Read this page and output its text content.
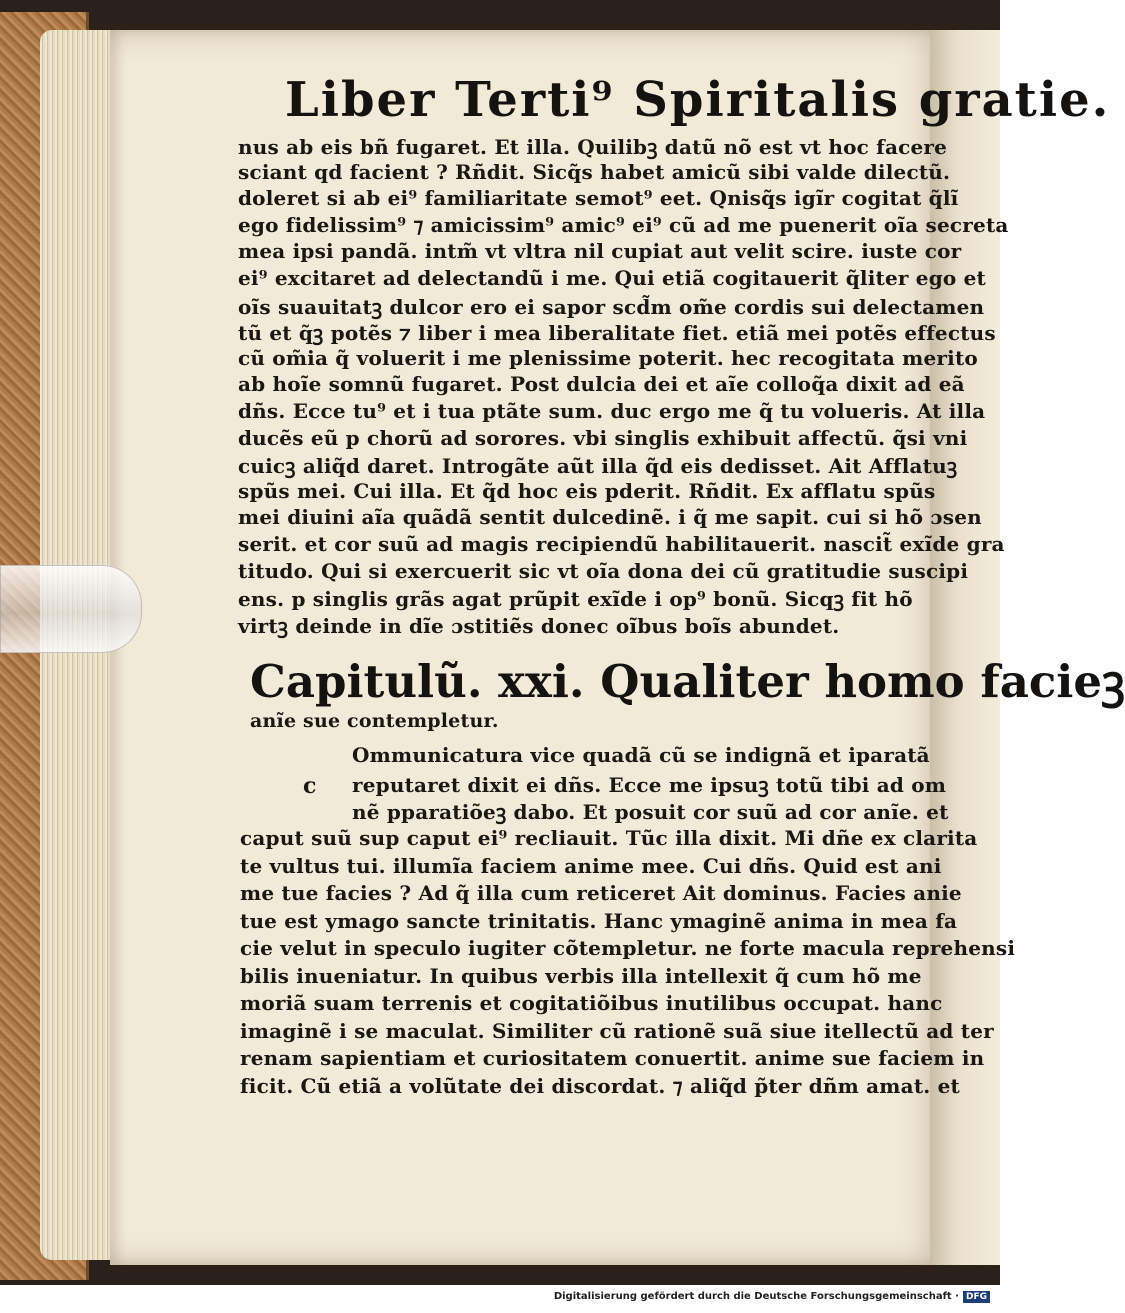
Liber Terti⁹ Spiritalis gratie.
nus ab eis bñ fugaret. Et illa. Quilibꝫ datũ nõ est vt hoc facere
sciant qd facient ? Rñdit. Sicq̃s habet amicũ sibi valde dilectũ.
doleret si ab ei⁹ familiaritate semot⁹ eet. Qnisq̃s igĩr cogitat q̃lĩ
ego fidelissim⁹ ⁊ amicissim⁹ amic⁹ ei⁹ cũ ad me puenerit oĩa secreta
mea ipsi pandã. intm̃ vt vltra nil cupiat aut velit scire. iuste cor
ei⁹ excitaret ad delectandũ i me. Qui etiã cogitauerit q̃liter ego et
oĩs suauitatꝫ dulcor ero ei sapor scd̃m om̃e cordis sui delectamen
tũ et q̃ꝫ potẽs ⁊ liber i mea liberalitate fiet. etiã mei potẽs effectus
cũ om̃ia q̃ voluerit i me plenissime poterit. hec recogitata merito
ab hoĩe somnũ fugaret. Post dulcia dei et aĩe colloq̃a dixit ad eã
dñs. Ecce tu⁹ et i tua ptãte sum. duc ergo me q̃ tu volueris. At illa
ducẽs eũ p chorũ ad sorores. vbi singlis exhibuit affectũ. q̃si vni
cuicꝫ aliq̃d daret. Introgãte aũt illa q̃d eis dedisset. Ait Afflatuꝫ
spũs mei. Cui illa. Et q̃d hoc eis pderit. Rñdit. Ex afflatu spũs
mei diuini aĩa quãdã sentit dulcedinẽ. i q̃ me sapit. cui si hõ ɔsen
serit. et cor suũ ad magis recipiendũ habilitauerit. nascit̃ exĩde gra
titudo. Qui si exercuerit sic vt oĩa dona dei cũ gratitudie suscipi
ens. p singlis grãs agat prũpit exĩde i op⁹ bonũ. Sicqꝫ fit hõ
virtꝫ deinde in dĩe ɔstitiẽs donec oĩbus boĩs abundet.
Capitulũ. xxi. Qualiter homo facieꝫ
anĩe sue contempletur.
c
Ommunicatura vice quadã cũ se indignã et iparatã
reputaret dixit ei dñs. Ecce me ipsuꝫ totũ tibi ad om
nẽ pparatiõeꝫ dabo. Et posuit cor suũ ad cor anĩe. et
caput suũ sup caput ei⁹ recliauit. Tũc illa dixit. Mi dñe ex clarita
te vultus tui. illumĩa faciem anime mee. Cui dñs. Quid est ani
me tue facies ? Ad q̃ illa cum reticeret Ait dominus. Facies anie
tue est ymago sancte trinitatis. Hanc ymaginẽ anima in mea fa
cie velut in speculo iugiter cõtempletur. ne forte macula reprehensi
bilis inueniatur. In quibus verbis illa intellexit q̃ cum hõ me
moriã suam terrenis et cogitatiõibus inutilibus occupat. hanc
imaginẽ i se maculat. Similiter cũ rationẽ suã siue itellectũ ad ter
renam sapientiam et curiositatem conuertit. anime sue faciem in
ficit. Cũ etiã a volũtate dei discordat. ⁊ aliq̃d p̃ter dñm amat. et
Digitalisierung gefördert durch die Deutsche Forschungsgemeinschaft · DFG
